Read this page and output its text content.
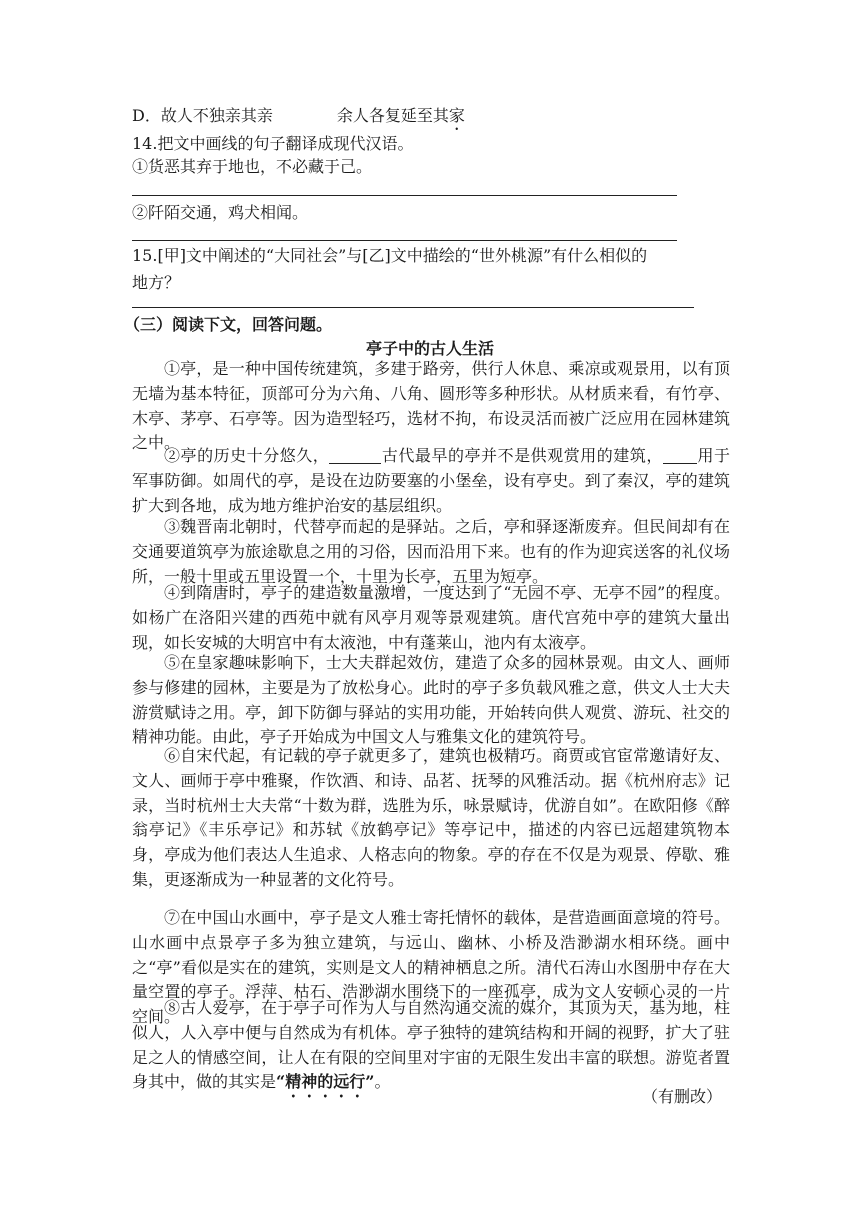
D．故人不独亲其亲	余人各复延至其家
14.把文中画线的句子翻译成现代汉语。
①货恶其弃于地也，不必藏于己。
②阡陌交通，鸡犬相闻。
15.[甲]文中阐述的“大同社会”与[乙]文中描绘的“世外桃源”有什么相似的
地方？
（三）阅读下文，回答问题。
亭子中的古人生活
①亭，是一种中国传统建筑，多建于路旁，供行人休息、乘凉或观景用，以有顶无墙为基本特征，顶部可分为六角、八角、圆形等多种形状。从材质来看，有竹亭、木亭、茅亭、石亭等。因为造型轻巧，选材不拘，布设灵活而被广泛应用在园林建筑之中。
②亭的历史十分悠久，	古代最早的亭并不是供观赏用的建筑， 用于军事防御。如周代的亭，是设在边防要塞的小堡垒，设有亭史。到了秦汉，亭的建筑扩大到各地，成为地方维护治安的基层组织。
③魏晋南北朝时，代替亭而起的是驿站。之后，亭和驿逐渐废弃。但民间却有在交通要道筑亭为旅途歇息之用的习俗，因而沿用下来。也有的作为迎宾送客的礼仪场所，一般十里或五里设置一个，十里为长亭，五里为短亭。
④到隋唐时，亭子的建造数量激增，一度达到了“无园不亭、无亭不园”的程度。如杨广在洛阳兴建的西苑中就有风亭月观等景观建筑。唐代宫苑中亭的建筑大量出现，如长安城的大明宫中有太液池，中有蓬莱山，池内有太液亭。
⑤在皇家趣味影响下，士大夫群起效仿，建造了众多的园林景观。由文人、画师参与修建的园林，主要是为了放松身心。此时的亭子多负载风雅之意，供文人士大夫游赏赋诗之用。亭，卸下防御与驿站的实用功能，开始转向供人观赏、游玩、社交的精神功能。由此，亭子开始成为中国文人与雅集文化的建筑符号。
⑥自宋代起，有记载的亭子就更多了，建筑也极精巧。商贾或官宦常邀请好友、文人、画师于亭中雅聚，作饮酒、和诗、品茗、抚琴的风雅活动。据《杭州府志》记录，当时杭州士大夫常“十数为群，选胜为乐，咏景赋诗，优游自如”。在欧阳修《醉翁亭记》《丰乐亭记》和苏轼《放鹤亭记》等亭记中，描述的内容已远超建筑物本身，亭成为他们表达人生追求、人格志向的物象。亭的存在不仅是为观景、停歇、雅集，更逐渐成为一种显著的文化符号。
⑦在中国山水画中，亭子是文人雅士寄托情怀的载体，是营造画面意境的符号。山水画中点景亭子多为独立建筑，与远山、幽林、小桥及浩渺湖水相环绕。画中之“亭”看似是实在的建筑，实则是文人的精神栖息之所。清代石涛山水图册中存在大量空置的亭子。浮萍、枯石、浩渺湖水围绕下的一座孤亭，成为文人安顿心灵的一片空间。
⑧古人爱亭，在于亭子可作为人与自然沟通交流的媒介，其顶为天，基为地，柱似人，人入亭中便与自然成为有机体。亭子独特的建筑结构和开阔的视野，扩大了驻足之人的情感空间，让人在有限的空间里对宇宙的无限生发出丰富的联想。游览者置身其中，做的其实是“精神的远行”。
（有删改）
